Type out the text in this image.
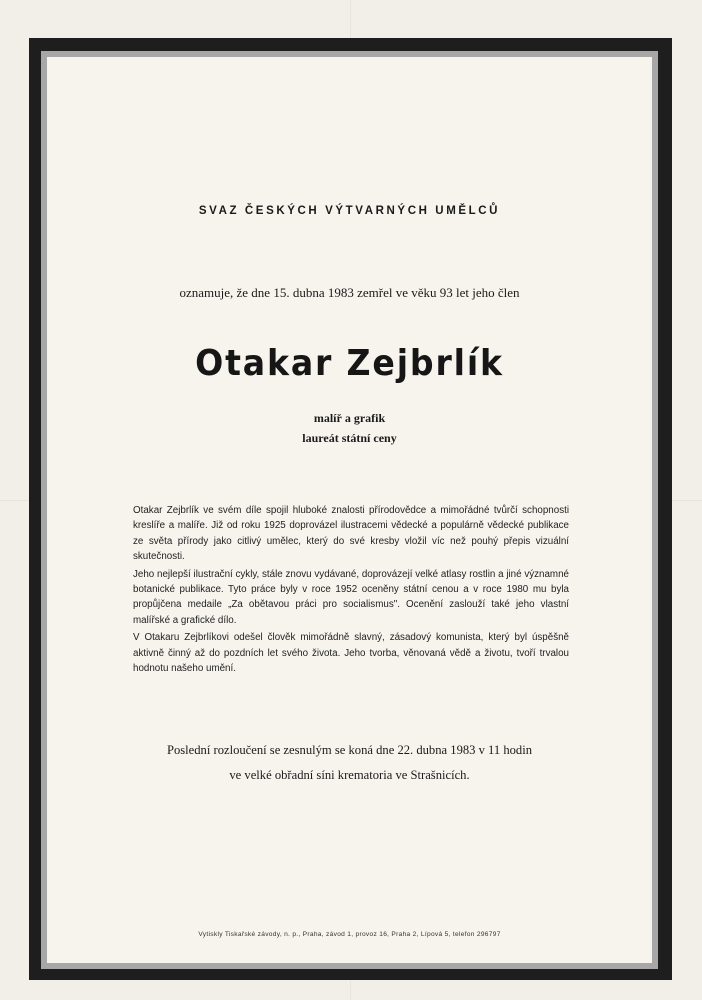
SVAZ ČESKÝCH VÝTVARNÝCH UMĚLCŮ
oznamuje, že dne 15. dubna 1983 zemřel ve věku 93 let jeho člen
Otakar Zejbrlík
malíř a grafik
laureát státní ceny

Otakar Zejbrlík ve svém díle spojil hluboké znalosti přírodovědce a mimořádné tvůrčí schopnosti kreslíře a malíře. Již od roku 1925 doprovázel ilustracemi vědecké a populárně vědecké publikace ze světa přírody jako citlivý umělec, který do své kresby vložil víc než pouhý přepis vizuální skutečnosti.

Jeho nejlepší ilustrační cykly, stále znovu vydávané, doprovázejí velké atlasy rostlin a jiné významné botanické publikace. Tyto práce byly v roce 1952 oceněny státní cenou a v roce 1980 mu byla propůjčena medaile „Za obětavou práci pro socialismus". Ocenění zaslouží také jeho vlastní malířské a grafické dílo.

V Otakaru Zejbrlíkovi odešel člověk mimořádně slavný, zásadový komunista, který byl úspěšně aktivně činný až do pozdních let svého života. Jeho tvorba, věnovaná vědě a životu, tvoří trvalou hodnotu našeho umění.

Poslední rozloučení se zesnulým se koná dne 22. dubna 1983 v 11 hodin
ve velké obřadní síni krematoria ve Strašnicích.
Vytiskly Tiskařské závody, n. p., Praha, závod 1, provoz 16, Praha 2, Lípová 5, telefon 296797
